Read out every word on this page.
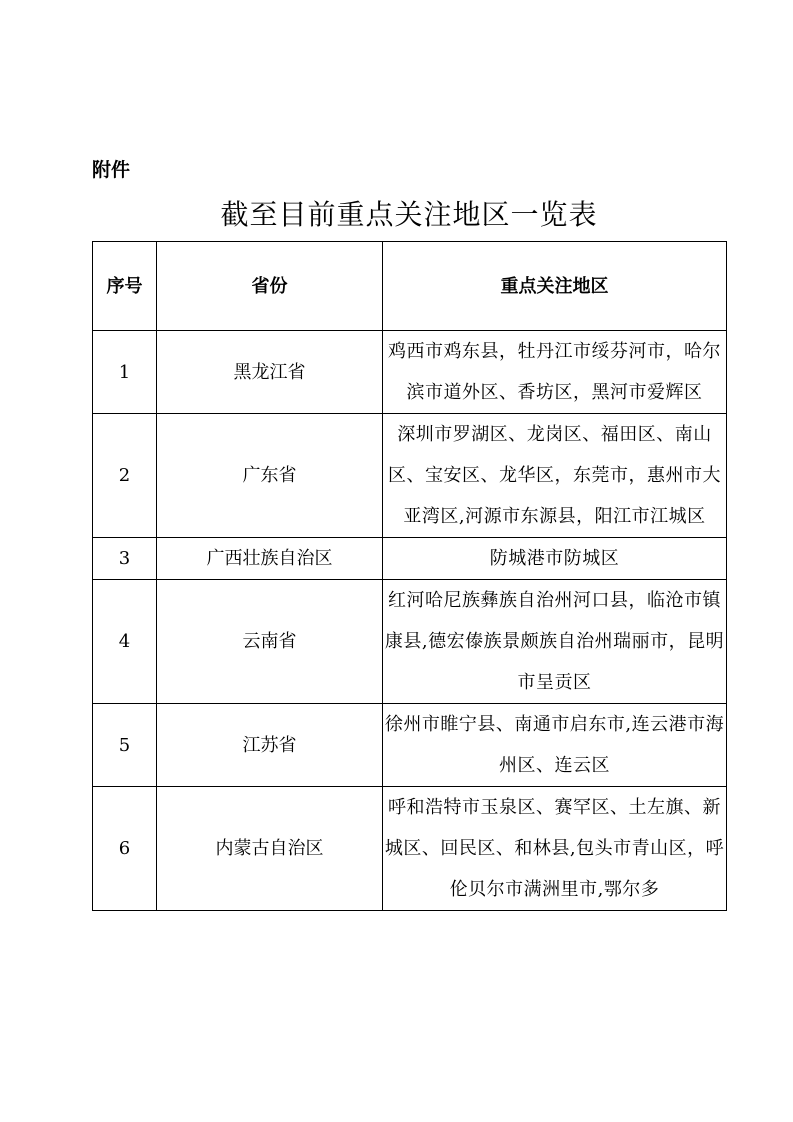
附件
截至目前重点关注地区一览表
序号	省份	重点关注地区
1	黑龙江省	鸡西市鸡东县，牡丹江市绥芬河市，哈尔滨市道外区、香坊区，黑河市爱辉区
2	广东省	深圳市罗湖区、龙岗区、福田区、南山区、宝安区、龙华区，东莞市，惠州市大亚湾区,河源市东源县，阳江市江城区
3	广西壮族自治区	防城港市防城区
4	云南省	红河哈尼族彝族自治州河口县，临沧市镇康县,德宏傣族景颇族自治州瑞丽市，昆明市呈贡区
5	江苏省	徐州市睢宁县、南通市启东市,连云港市海州区、连云区
6	内蒙古自治区	呼和浩特市玉泉区、赛罕区、土左旗、新城区、回民区、和林县,包头市青山区，呼伦贝尔市满洲里市,鄂尔多
